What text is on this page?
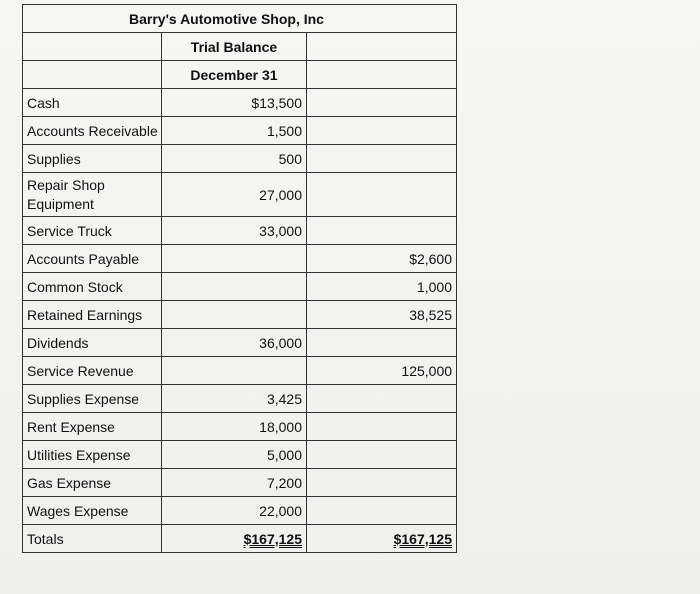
Barry's Automotive Shop, Inc		
	Trial Balance	
	December 31	
Cash	$13,500	
Accounts Receivable	1,500	
Supplies	500	
Repair Shop Equipment	27,000	
Service Truck	33,000	
Accounts Payable		$2,600
Common Stock		1,000
Retained Earnings		38,525
Dividends	36,000	
Service Revenue		125,000
Supplies Expense	3,425	
Rent Expense	18,000	
Utilities Expense	5,000	
Gas Expense	7,200	
Wages Expense	22,000	
Totals	$167,125	$167,125
